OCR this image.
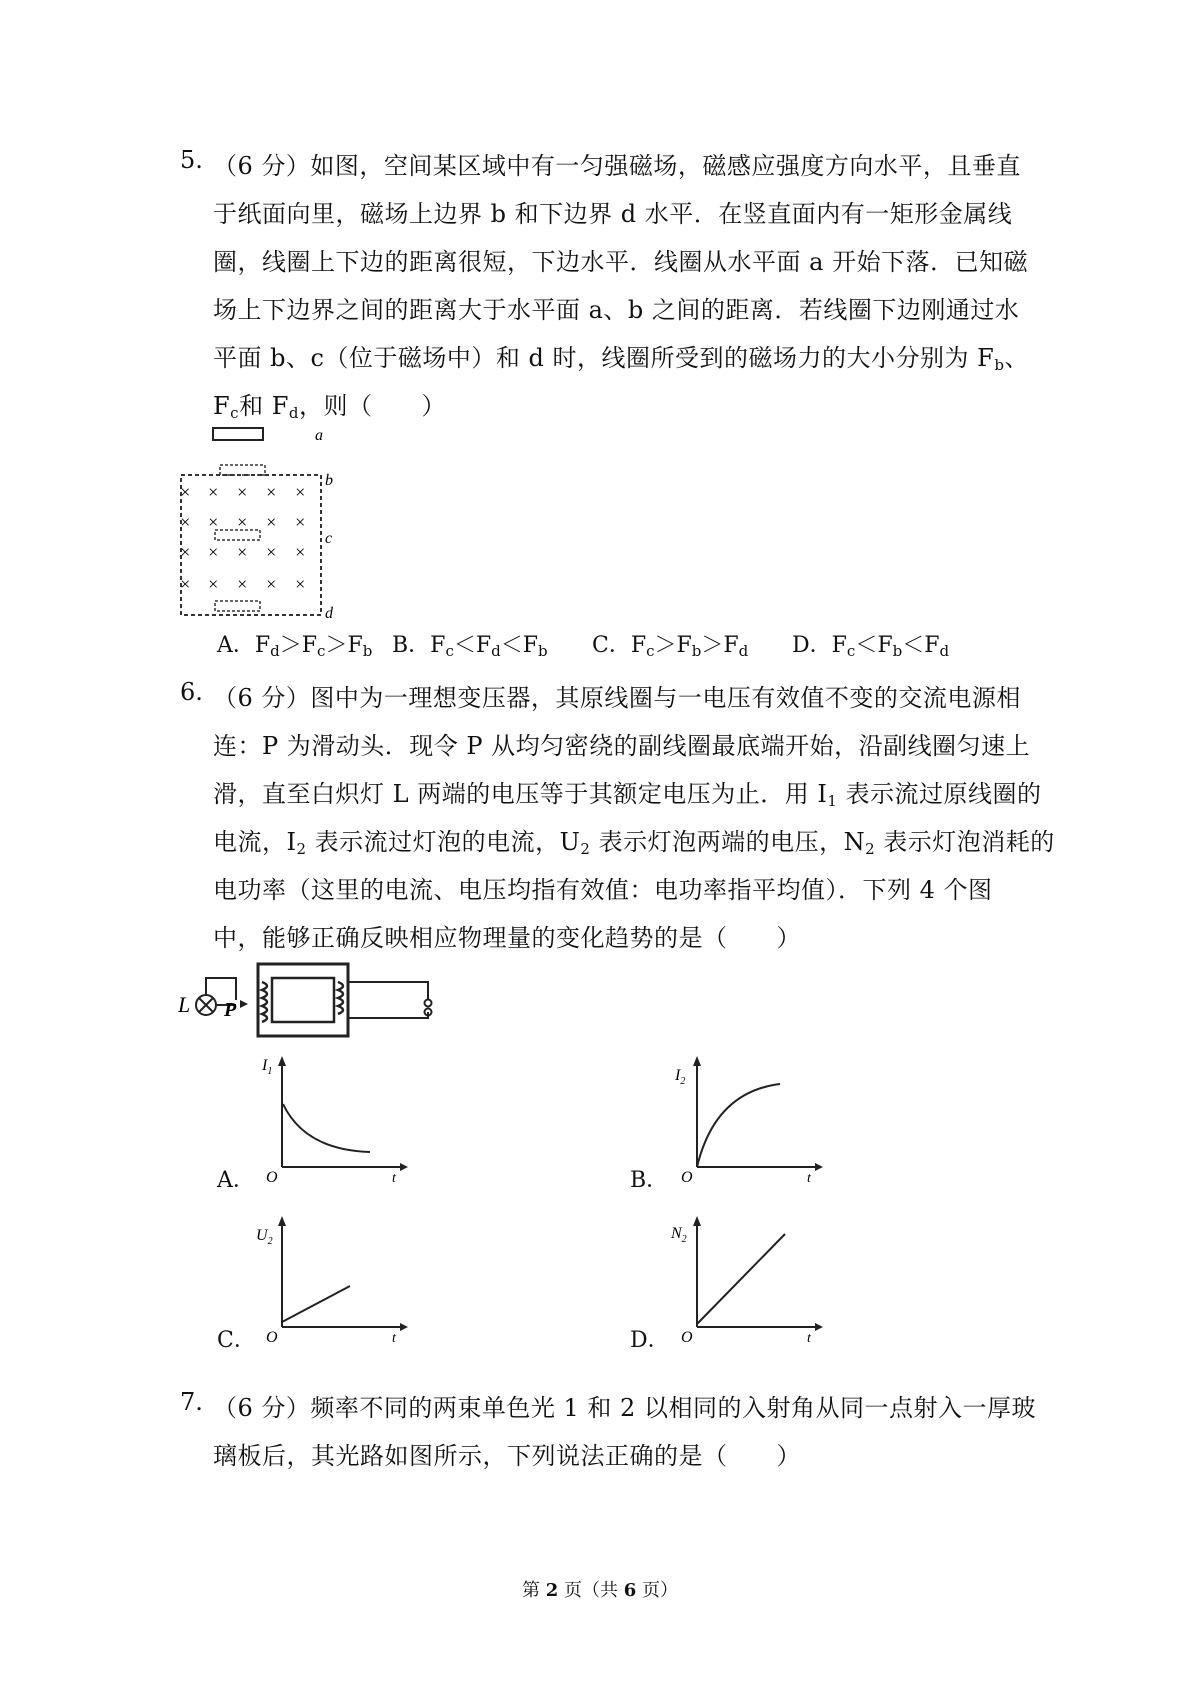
5. （6 分）如图，空间某区域中有一匀强磁场，磁感应强度方向水平，且垂直
于纸面向里，磁场上边界 b 和下边界 d 水平．在竖直面内有一矩形金属线
圈，线圈上下边的距离很短，下边水平．线圈从水平面 a 开始下落．已知磁
场上下边界之间的距离大于水平面 a、b 之间的距离．若线圈下边刚通过水
平面 b、c（位于磁场中）和 d 时，线圈所受到的磁场力的大小分别为 $F_b$、
$F_c$和 $F_d$，则（　　）
a
b
c
d
× × × × ×
× × × × ×
× × × × ×
× × × × ×
A．$F_d>F_c>F_b$ B．$F_c<F_d<F_b$ C．$F_c>F_b>F_d$ D．$F_c<F_b<F_d$
6. （6 分）图中为一理想变压器，其原线圈与一电压有效值不变的交流电源相
连：P 为滑动头．现令 P 从均匀密绕的副线圈最底端开始，沿副线圈匀速上
滑，直至白炽灯 L 两端的电压等于其额定电压为止．用 $I_1$ 表示流过原线圈的
电流，$I_2$ 表示流过灯泡的电流，$U_2$ 表示灯泡两端的电压，$N_2$ 表示灯泡消耗的
电功率（这里的电流、电压均指有效值：电功率指平均值）．下列 4 个图
中，能够正确反映相应物理量的变化趋势的是（　　）
L P
A．	B．
C．	D．
$I_1$
O	t
$I_2$
O	t
$U_2$
O	t
$N_2$
O	t
7. （6 分）频率不同的两束单色光 1 和 2 以相同的入射角从同一点射入一厚玻
璃板后，其光路如图所示，下列说法正确的是（　　）
第 2 页（共 6 页）
